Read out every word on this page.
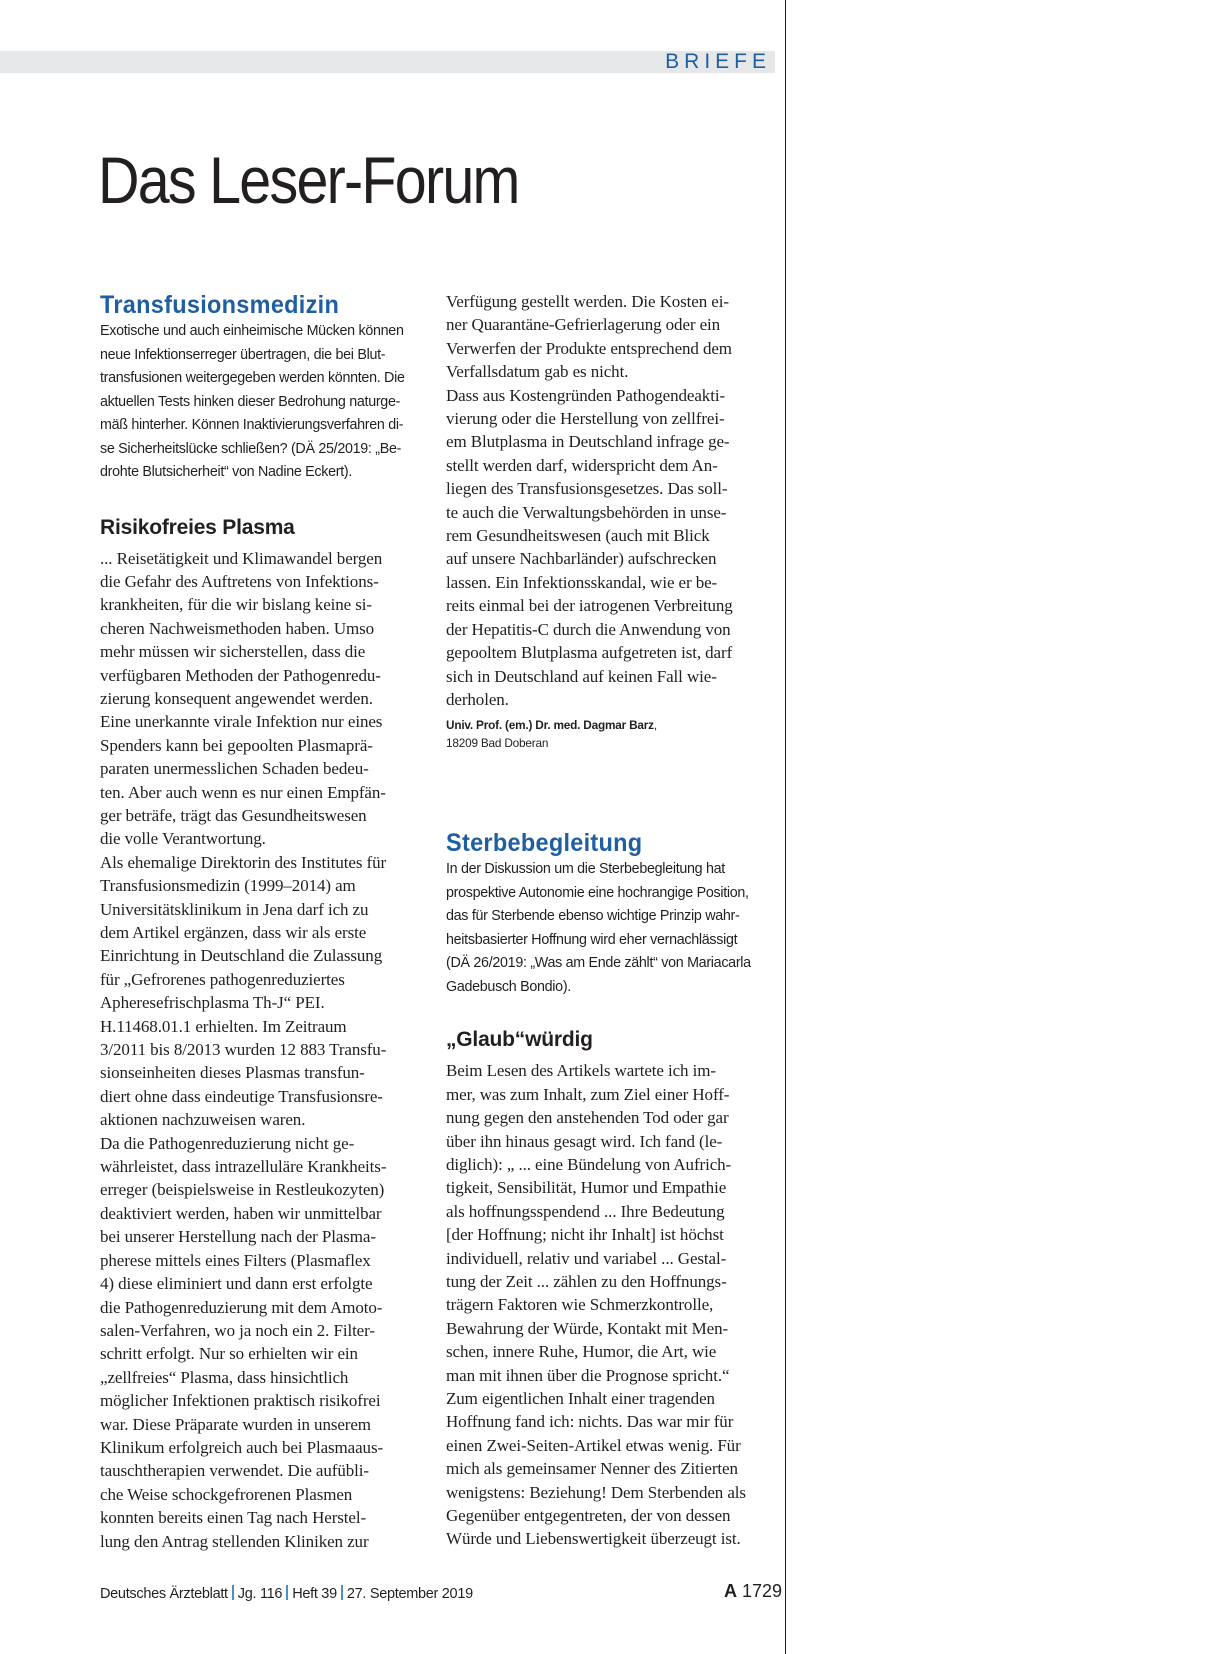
BRIEFE
Das Leser-Forum
Transfusionsmedizin
Exotische und auch einheimische Mücken können
neue Infektionserreger übertragen, die bei Blut-
transfusionen weitergegeben werden könnten. Die
aktuellen Tests hinken dieser Bedrohung naturge-
mäß hinterher. Können Inaktivierungsverfahren di-
se Sicherheitslücke schließen? (DÄ 25/2019: „Be-
drohte Blutsicherheit“ von Nadine Eckert).
Risikofreies Plasma
... Reisetätigkeit und Klimawandel bergen
die Gefahr des Auftretens von Infektions-
krankheiten, für die wir bislang keine si-
cheren Nachweismethoden haben. Umso
mehr müssen wir sicherstellen, dass die
verfügbaren Methoden der Pathogenredu-
zierung konsequent angewendet werden.
Eine unerkannte virale Infektion nur eines
Spenders kann bei gepoolten Plasmaprä-
paraten unermesslichen Schaden bedeu-
ten. Aber auch wenn es nur einen Empfän-
ger beträfe, trägt das Gesundheitswesen
die volle Verantwortung.
Als ehemalige Direktorin des Institutes für
Transfusionsmedizin (1999–2014) am
Universitätsklinikum in Jena darf ich zu
dem Artikel ergänzen, dass wir als erste
Einrichtung in Deutschland die Zulassung
für „Gefrorenes pathogenreduziertes
Apheresefrischplasma Th-J“ PEI.
H.11468.01.1 erhielten. Im Zeitraum
3/2011 bis 8/2013 wurden 12 883 Transfu-
sionseinheiten dieses Plasmas transfun-
diert ohne dass eindeutige Transfusionsre-
aktionen nachzuweisen waren.
Da die Pathogenreduzierung nicht ge-
währleistet, dass intrazelluläre Krankheits-
erreger (beispielsweise in Restleukozyten)
deaktiviert werden, haben wir unmittelbar
bei unserer Herstellung nach der Plasma-
pherese mittels eines Filters (Plasmaflex
4) diese eliminiert und dann erst erfolgte
die Pathogenreduzierung mit dem Amoto-
salen-Verfahren, wo ja noch ein 2. Filter-
schritt erfolgt. Nur so erhielten wir ein
„zellfreies“ Plasma, dass hinsichtlich
möglicher Infektionen praktisch risikofrei
war. Diese Präparate wurden in unserem
Klinikum erfolgreich auch bei Plasmaaus-
tauschtherapien verwendet. Die aufübli-
che Weise schockgefrorenen Plasmen
konnten bereits einen Tag nach Herstel-
lung den Antrag stellenden Kliniken zur
Verfügung gestellt werden. Die Kosten ei-
ner Quarantäne-Gefrierlagerung oder ein
Verwerfen der Produkte entsprechend dem
Verfallsdatum gab es nicht.
Dass aus Kostengründen Pathogendeakti-
vierung oder die Herstellung von zellfrei-
em Blutplasma in Deutschland infrage ge-
stellt werden darf, widerspricht dem An-
liegen des Transfusionsgesetzes. Das soll-
te auch die Verwaltungsbehörden in unse-
rem Gesundheitswesen (auch mit Blick
auf unsere Nachbarländer) aufschrecken
lassen. Ein Infektionsskandal, wie er be-
reits einmal bei der iatrogenen Verbreitung
der Hepatitis-C durch die Anwendung von
gepooltem Blutplasma aufgetreten ist, darf
sich in Deutschland auf keinen Fall wie-
derholen.

Univ. Prof. (em.) Dr. med. Dagmar Barz,
18209 Bad Doberan

Sterbebegleitung
In der Diskussion um die Sterbebegleitung hat
prospektive Autonomie eine hochrangige Position,
das für Sterbende ebenso wichtige Prinzip wahr-
heitsbasierter Hoffnung wird eher vernachlässigt
(DÄ 26/2019: „Was am Ende zählt“ von Mariacarla
Gadebusch Bondio).
„Glaub“würdig
Beim Lesen des Artikels wartete ich im-
mer, was zum Inhalt, zum Ziel einer Hoff-
nung gegen den anstehenden Tod oder gar
über ihn hinaus gesagt wird. Ich fand (le-
diglich): „ ... eine Bündelung von Aufrich-
tigkeit, Sensibilität, Humor und Empathie
als hoffnungsspendend ... Ihre Bedeutung
[der Hoffnung; nicht ihr Inhalt] ist höchst
individuell, relativ und variabel ... Gestal-
tung der Zeit ... zählen zu den Hoffnungs-
trägern Faktoren wie Schmerzkontrolle,
Bewahrung der Würde, Kontakt mit Men-
schen, innere Ruhe, Humor, die Art, wie
man mit ihnen über die Prognose spricht.“
Zum eigentlichen Inhalt einer tragenden
Hoffnung fand ich: nichts. Das war mir für
einen Zwei-Seiten-Artikel etwas wenig. Für
mich als gemeinsamer Nenner des Zitierten
wenigstens: Beziehung! Dem Sterbenden als
Gegenüber entgegentreten, der von dessen
Würde und Liebenswertigkeit überzeugt ist.
Deutsches Ärzteblatt Jg. 116 Heft 39 27. September 2019	A 1729
